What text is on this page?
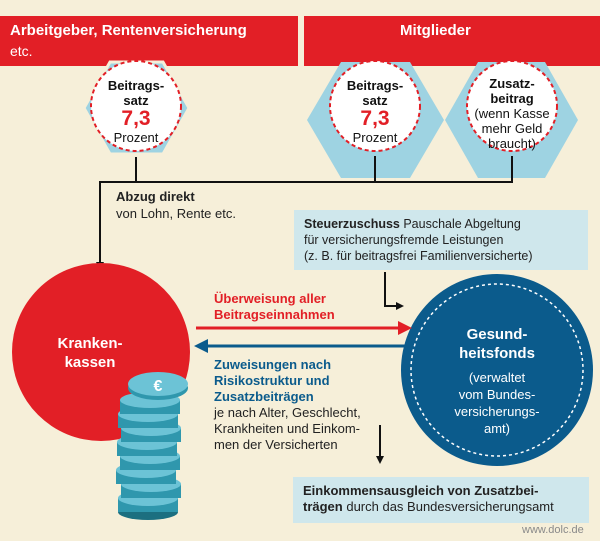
Arbeitgeber, Rentenversicherung
etc.
Mitglieder
€
Beitrags-
satz
7,3
Prozent
Beitrags-
satz
7,3
Prozent
Zusatz-
beitrag
(wenn Kasse
mehr Geld
braucht)
Abzug direkt
von Lohn, Rente etc.
Steuerzuschuss Pauschale Abgeltung
für versicherungsfremde Leistungen
(z. B. für beitragsfrei Familienversicherte)
Überweisung aller
Beitragseinnahmen
Zuweisungen nach
Risikostruktur und
Zusatzbeiträgen
je nach Alter, Geschlecht,
Krankheiten und Einkom-
men der Versicherten
Kranken-
kassen
Gesund-
heitsfonds
(verwaltet
vom Bundes-
versicherungs-
amt)
Einkommensausgleich von Zusatzbei-
trägen durch das Bundesversicherungsamt
www.dolc.de
